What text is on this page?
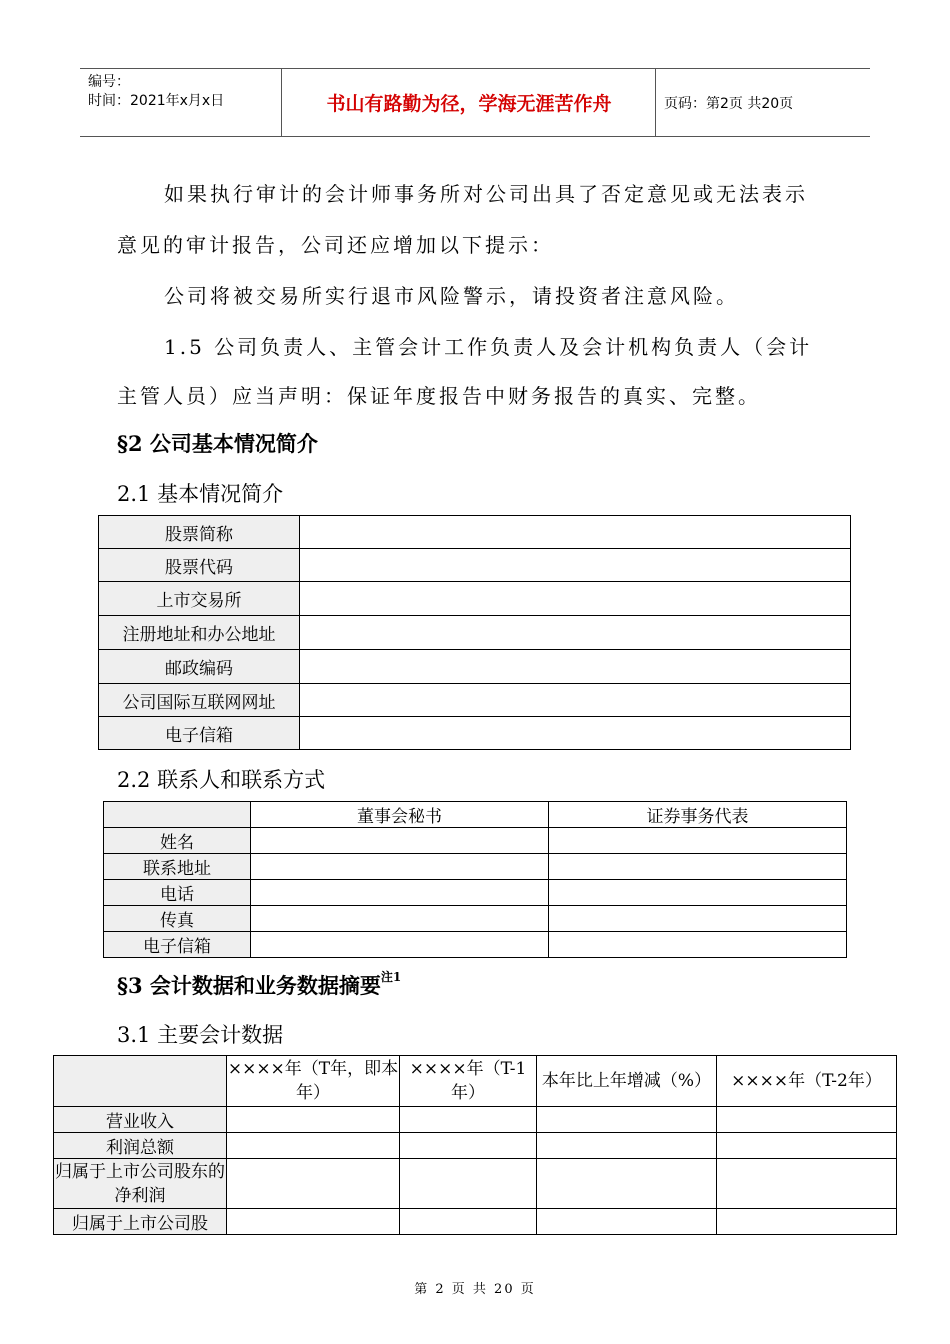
编号：
时间：2021年x月x日	书山有路勤为径，学海无涯苦作舟	页码：第2页 共20页
如果执行审计的会计师事务所对公司出具了否定意见或无法表示
意见的审计报告，公司还应增加以下提示：
公司将被交易所实行退市风险警示，请投资者注意风险。
1.5 公司负责人、主管会计工作负责人及会计机构负责人（会计
主管人员）应当声明：保证年度报告中财务报告的真实、完整。
§2 公司基本情况简介
2.1 基本情况简介
股票简称	
股票代码	
上市交易所	
注册地址和办公地址	
邮政编码	
公司国际互联网网址	
电子信箱	
2.2 联系人和联系方式
	董事会秘书	证券事务代表
姓名		
联系地址		
电话		
传真		
电子信箱		
§3 会计数据和业务数据摘要$^{注1}$
3.1 主要会计数据
	××××年（T年，即本年）	××××年（T-1年）	本年比上年增减（%）	××××年（T-2年）
营业收入				
利润总额				
归属于上市公司股东的净利润				
归属于上市公司股				
第 2 页 共 20 页
